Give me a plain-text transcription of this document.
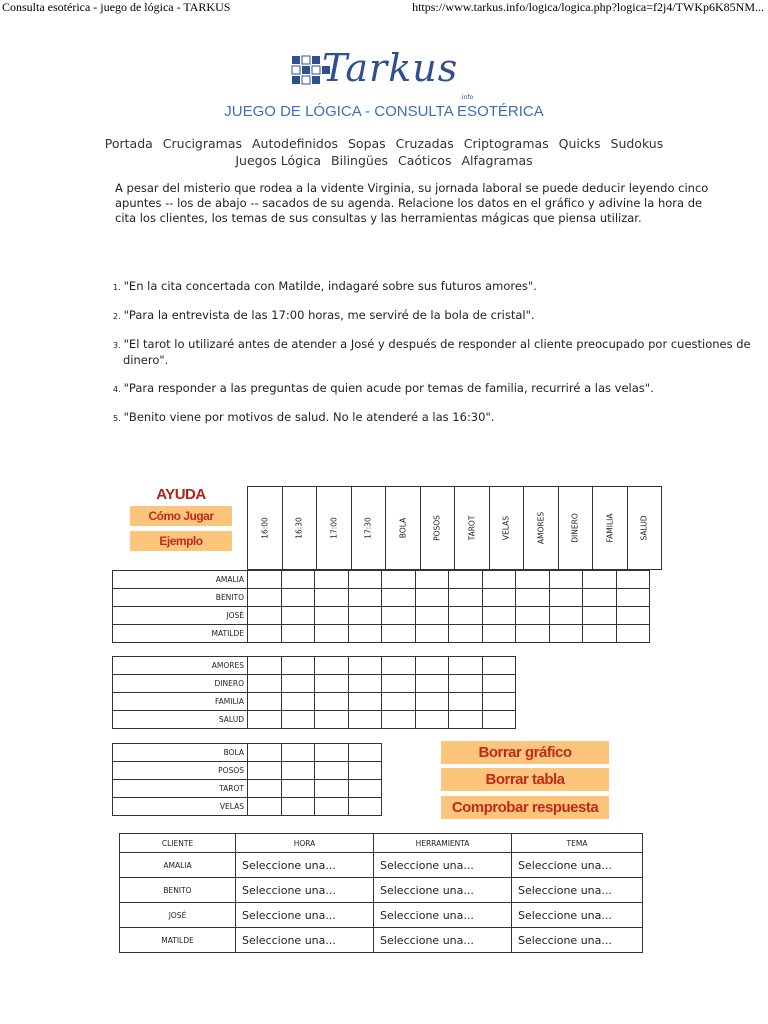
Consulta esotérica - juego de lógica - TARKUS	https://www.tarkus.info/logica/logica.php?logica=f2j4/TWKp6K85NM...
Tarkus
.info
JUEGO DE LÓGICA - CONSULTA ESOTÉRICA
Portada Crucigramas Autodefinidos Sopas Cruzadas Criptogramas Quicks Sudokus
Juegos Lógica Bilingües Caóticos Alfagramas
A pesar del misterio que rodea a la vidente Virginia, su jornada laboral se puede deducir leyendo cinco apuntes -- los de abajo -- sacados de su agenda. Relacione los datos en el gráfico y adivine la hora de cita los clientes, los temas de sus consultas y las herramientas mágicas que piensa utilizar.
1. "En la cita concertada con Matilde, indagaré sobre sus futuros amores".
2. "Para la entrevista de las 17:00 horas, me serviré de la bola de cristal".
3. "El tarot lo utilizaré antes de atender a José y después de responder al cliente preocupado por cuestiones de
dinero".
4. "Para responder a las preguntas de quien acude por temas de familia, recurriré a las velas".
5. "Benito viene por motivos de salud. No le atenderé a las 16:30".
AYUDA
Cómo Jugar
Ejemplo
16:00	16:30	17:00	17:30	BOLA	POSOS	TAROT	VELAS	AMORES	DINERO	FAMILIA	SALUD
AMALIA												
BENITO												
JOSÉ												
MATILDE												
AMORES								
DINERO								
FAMILIA								
SALUD								
BOLA				
POSOS				
TAROT				
VELAS				
Borrar gráfico
Borrar tabla
Comprobar respuesta
CLIENTE	HORA	HERRAMIENTA	TEMA
AMALIA	Seleccione una...	Seleccione una...	Seleccione una...
BENITO	Seleccione una...	Seleccione una...	Seleccione una...
JOSÉ	Seleccione una...	Seleccione una...	Seleccione una...
MATILDE	Seleccione una...	Seleccione una...	Seleccione una...
